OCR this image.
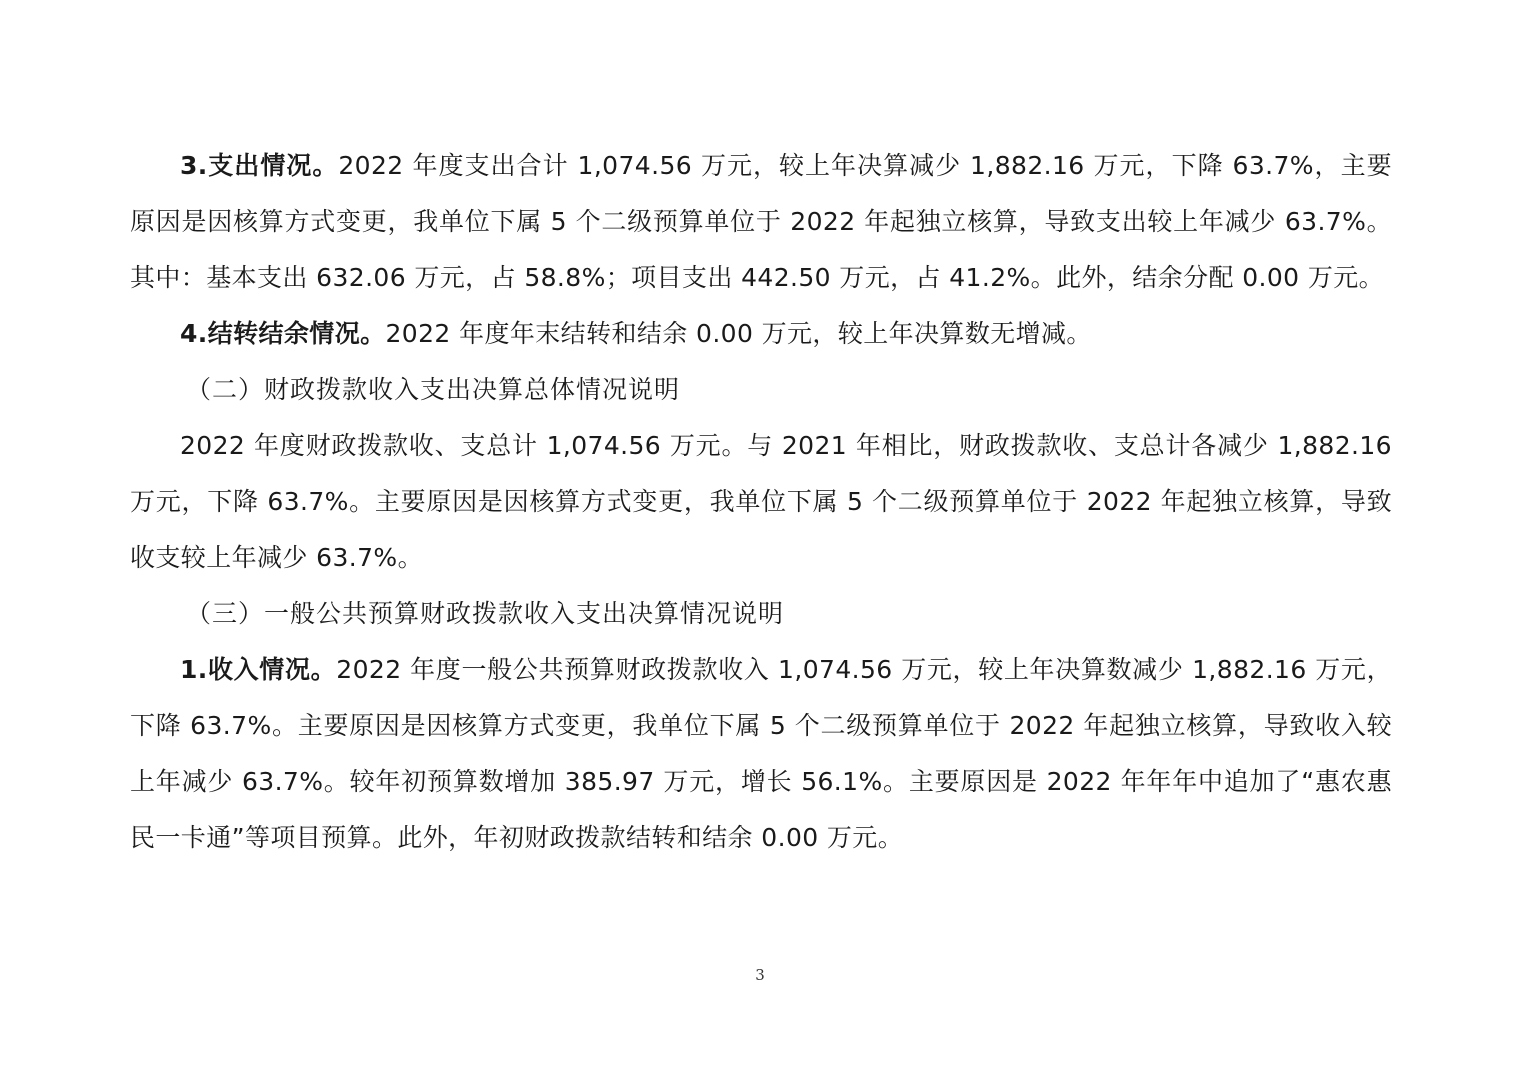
3.支出情况。2022 年度支出合计 1,074.56 万元，较上年决算减少 1,882.16 万元，下降 63.7%，主要原因是因核算方式变更，我单位下属 5 个二级预算单位于 2022 年起独立核算，导致支出较上年减少 63.7%。其中：基本支出 632.06 万元，占 58.8%；项目支出 442.50 万元，占 41.2%。此外，结余分配 0.00 万元。

4.结转结余情况。2022 年度年末结转和结余 0.00 万元，较上年决算数无增减。

（二）财政拨款收入支出决算总体情况说明

2022 年度财政拨款收、支总计 1,074.56 万元。与 2021 年相比，财政拨款收、支总计各减少 1,882.16 万元，下降 63.7%。主要原因是因核算方式变更，我单位下属 5 个二级预算单位于 2022 年起独立核算，导致收支较上年减少 63.7%。

（三）一般公共预算财政拨款收入支出决算情况说明

1.收入情况。2022 年度一般公共预算财政拨款收入 1,074.56 万元，较上年决算数减少 1,882.16 万元，下降 63.7%。主要原因是因核算方式变更，我单位下属 5 个二级预算单位于 2022 年起独立核算，导致收入较上年减少 63.7%。较年初预算数增加 385.97 万元，增长 56.1%。主要原因是 2022 年年年中追加了“惠农惠民一卡通”等项目预算。此外，年初财政拨款结转和结余 0.00 万元。

3
